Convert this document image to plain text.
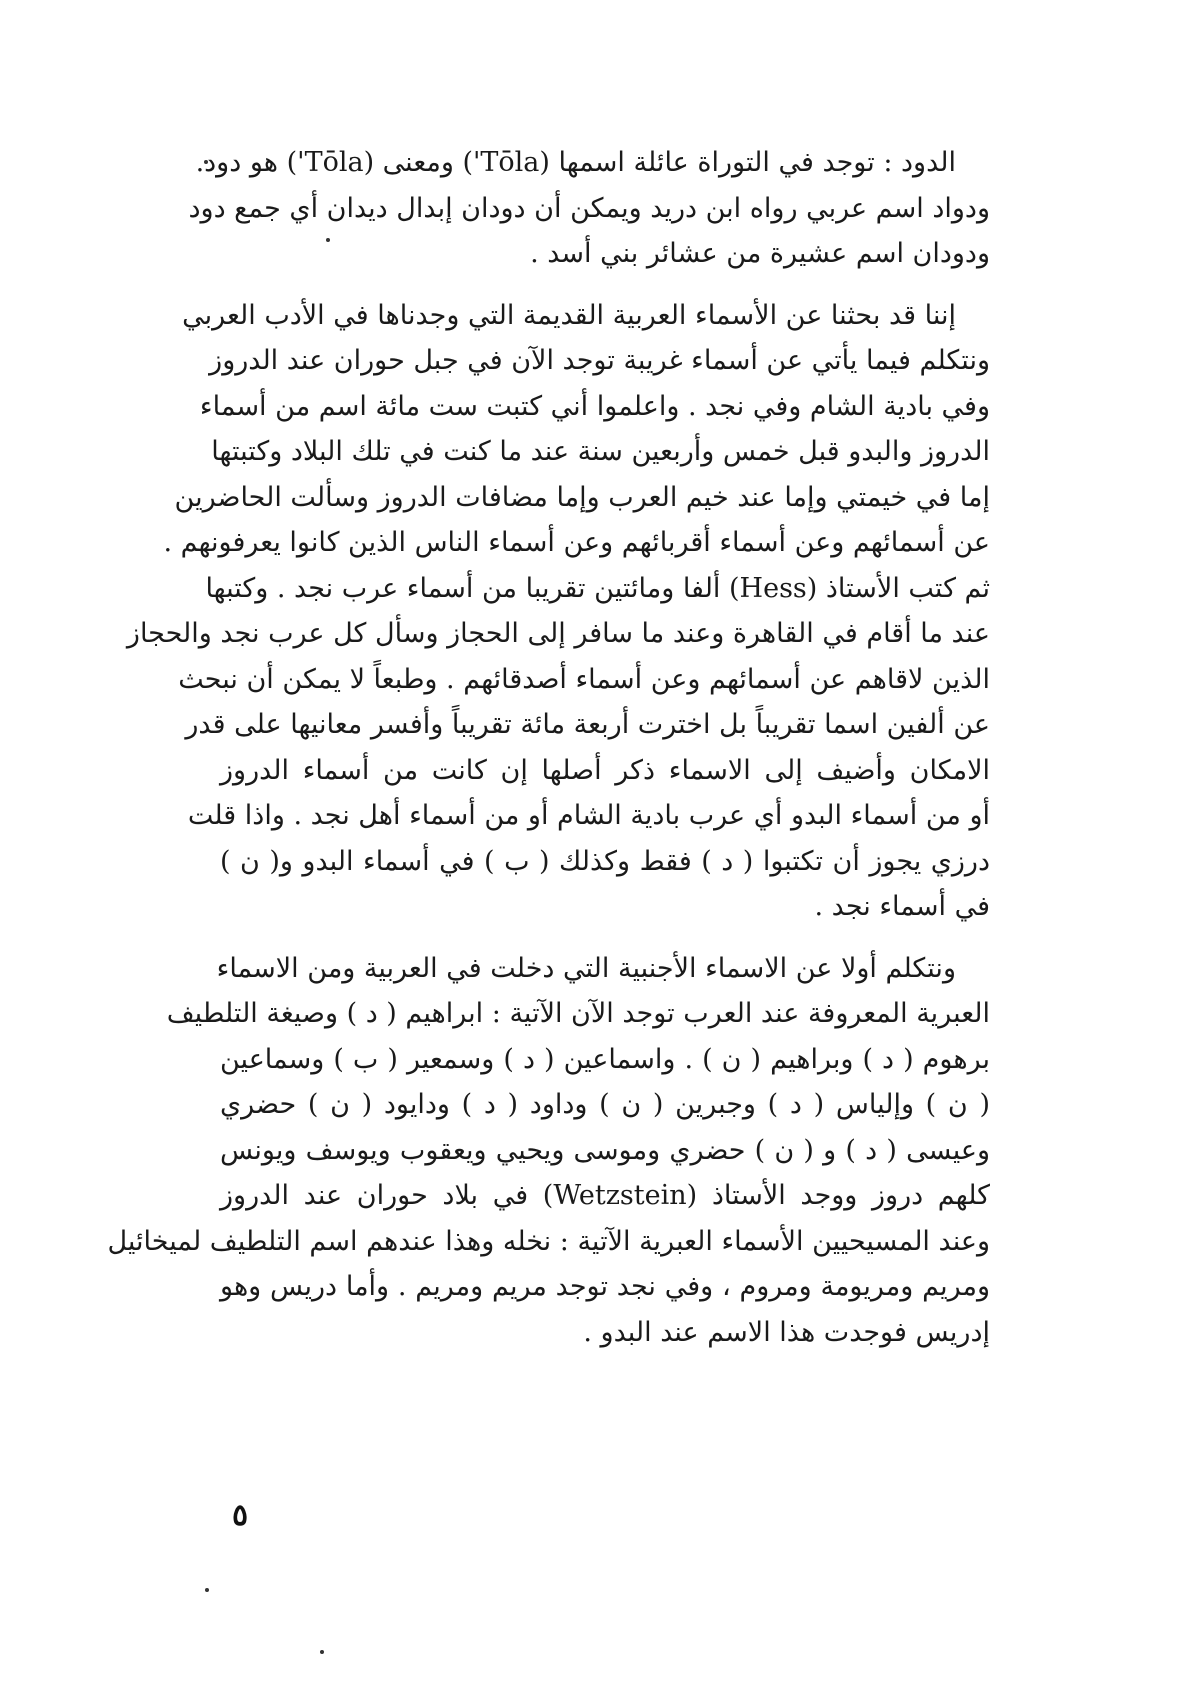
الدود : توجد في التوراة عائلة اسمها (Tōla') ومعنى (Tōla') هو دود.
ودواد اسم عربي رواه ابن دريد ويمكن أن دودان إبدال ديدان أي جمع دود
ودودان اسم عشيرة من عشائر بني أسد .

إننا قد بحثنا عن الأسماء العربية القديمة التي وجدناها في الأدب العربي
ونتكلم فيما يأتي عن أسماء غريبة توجد الآن في جبل حوران عند الدروز
وفي بادية الشام وفي نجد . واعلموا أني كتبت ست مائة اسم من أسماء
الدروز والبدو قبل خمس وأربعين سنة عند ما كنت في تلك البلاد وكتبتها
إما في خيمتي وإما عند خيم العرب وإما مضافات الدروز وسألت الحاضرين
عن أسمائهم وعن أسماء أقربائهم وعن أسماء الناس الذين كانوا يعرفونهم .
ثم كتب الأستاذ (Hess) ألفا ومائتين تقريبا من أسماء عرب نجد . وكتبها
عند ما أقام في القاهرة وعند ما سافر إلى الحجاز وسأل كل عرب نجد والحجاز
الذين لاقاهم عن أسمائهم وعن أسماء أصدقائهم . وطبعاً لا يمكن أن نبحث
عن ألفين اسما تقريباً بل اخترت أربعة مائة تقريباً وأفسر معانيها على قدر
الامكان وأضيف إلى الاسماء ذكر أصلها إن كانت من أسماء الدروز
أو من أسماء البدو أي عرب بادية الشام أو من أسماء أهل نجد . واذا قلت
درزي يجوز أن تكتبوا ( د ) فقط وكذلك ( ب ) في أسماء البدو و( ن )
في أسماء نجد .

ونتكلم أولا عن الاسماء الأجنبية التي دخلت في العربية ومن الاسماء
العبرية المعروفة عند العرب توجد الآن الآتية : ابراهيم ( د ) وصيغة التلطيف
برهوم ( د ) وبراهيم ( ن ) . واسماعين ( د ) وسمعير ( ب ) وسماعين
( ن ) وإلياس ( د ) وجبرين ( ن ) وداود ( د ) ودايود ( ن ) حضري
وعيسى ( د ) و ( ن ) حضري وموسى ويحيي ويعقوب ويوسف ويونس
كلهم دروز ووجد الأستاذ (Wetzstein) في بلاد حوران عند الدروز
وعند المسيحيين الأسماء العبرية الآتية : نخله وهذا عندهم اسم التلطيف لميخائيل
ومريم ومريومة ومروم ، وفي نجد توجد مريم ومريم . وأما دريس وهو
إدريس فوجدت هذا الاسم عند البدو .

٥
